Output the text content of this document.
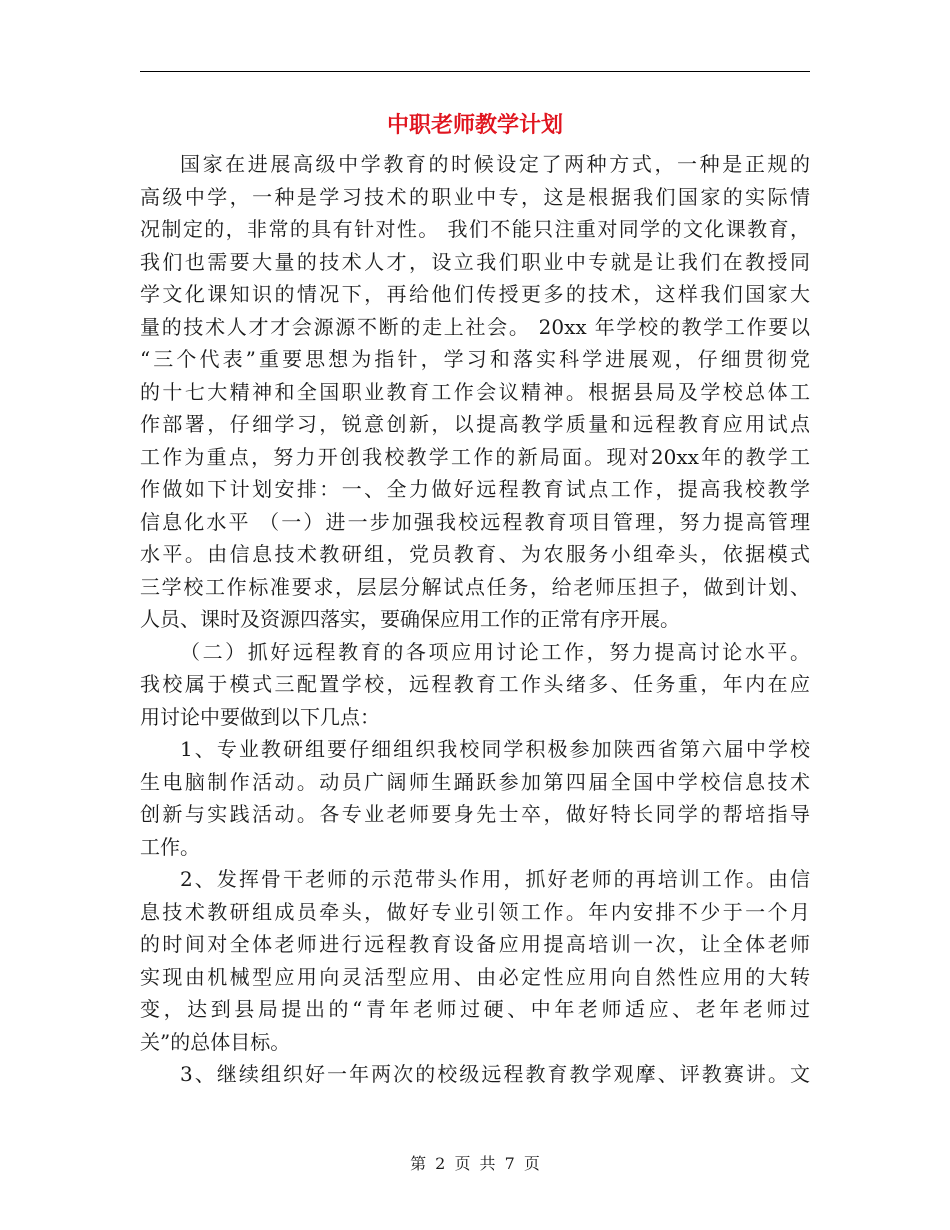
中职老师教学计划
国家在进展高级中学教育的时候设定了两种方式，一种是正规的
高级中学，一种是学习技术的职业中专，这是根据我们国家的实际情
况制定的，非常的具有针对性。 我们不能只注重对同学的文化课教育，
我们也需要大量的技术人才，设立我们职业中专就是让我们在教授同
学文化课知识的情况下，再给他们传授更多的技术，这样我们国家大
量的技术人才才会源源不断的走上社会。 20xx 年学校的教学工作要以
“三个代表”重要思想为指针，学习和落实科学进展观，仔细贯彻党
的十七大精神和全国职业教育工作会议精神。根据县局及学校总体工
作部署，仔细学习，锐意创新，以提高教学质量和远程教育应用试点
工作为重点，努力开创我校教学工作的新局面。现对20xx年的教学工
作做如下计划安排：一、全力做好远程教育试点工作，提高我校教学
信息化水平 （一）进一步加强我校远程教育项目管理，努力提高管理
水平。由信息技术教研组，党员教育、为农服务小组牵头，依据模式
三学校工作标准要求，层层分解试点任务，给老师压担子，做到计划、
人员、课时及资源四落实，要确保应用工作的正常有序开展。
（二）抓好远程教育的各项应用讨论工作，努力提高讨论水平。
我校属于模式三配置学校，远程教育工作头绪多、任务重，年内在应
用讨论中要做到以下几点：
1、专业教研组要仔细组织我校同学积极参加陕西省第六届中学校
生电脑制作活动。动员广阔师生踊跃参加第四届全国中学校信息技术
创新与实践活动。各专业老师要身先士卒，做好特长同学的帮培指导
工作。
2、发挥骨干老师的示范带头作用，抓好老师的再培训工作。由信
息技术教研组成员牵头，做好专业引领工作。年内安排不少于一个月
的时间对全体老师进行远程教育设备应用提高培训一次，让全体老师
实现由机械型应用向灵活型应用、由必定性应用向自然性应用的大转
变，达到县局提出的“青年老师过硬、中年老师适应、老年老师过
关”的总体目标。
3、继续组织好一年两次的校级远程教育教学观摩、评教赛讲。文
第 2 页 共 7 页
